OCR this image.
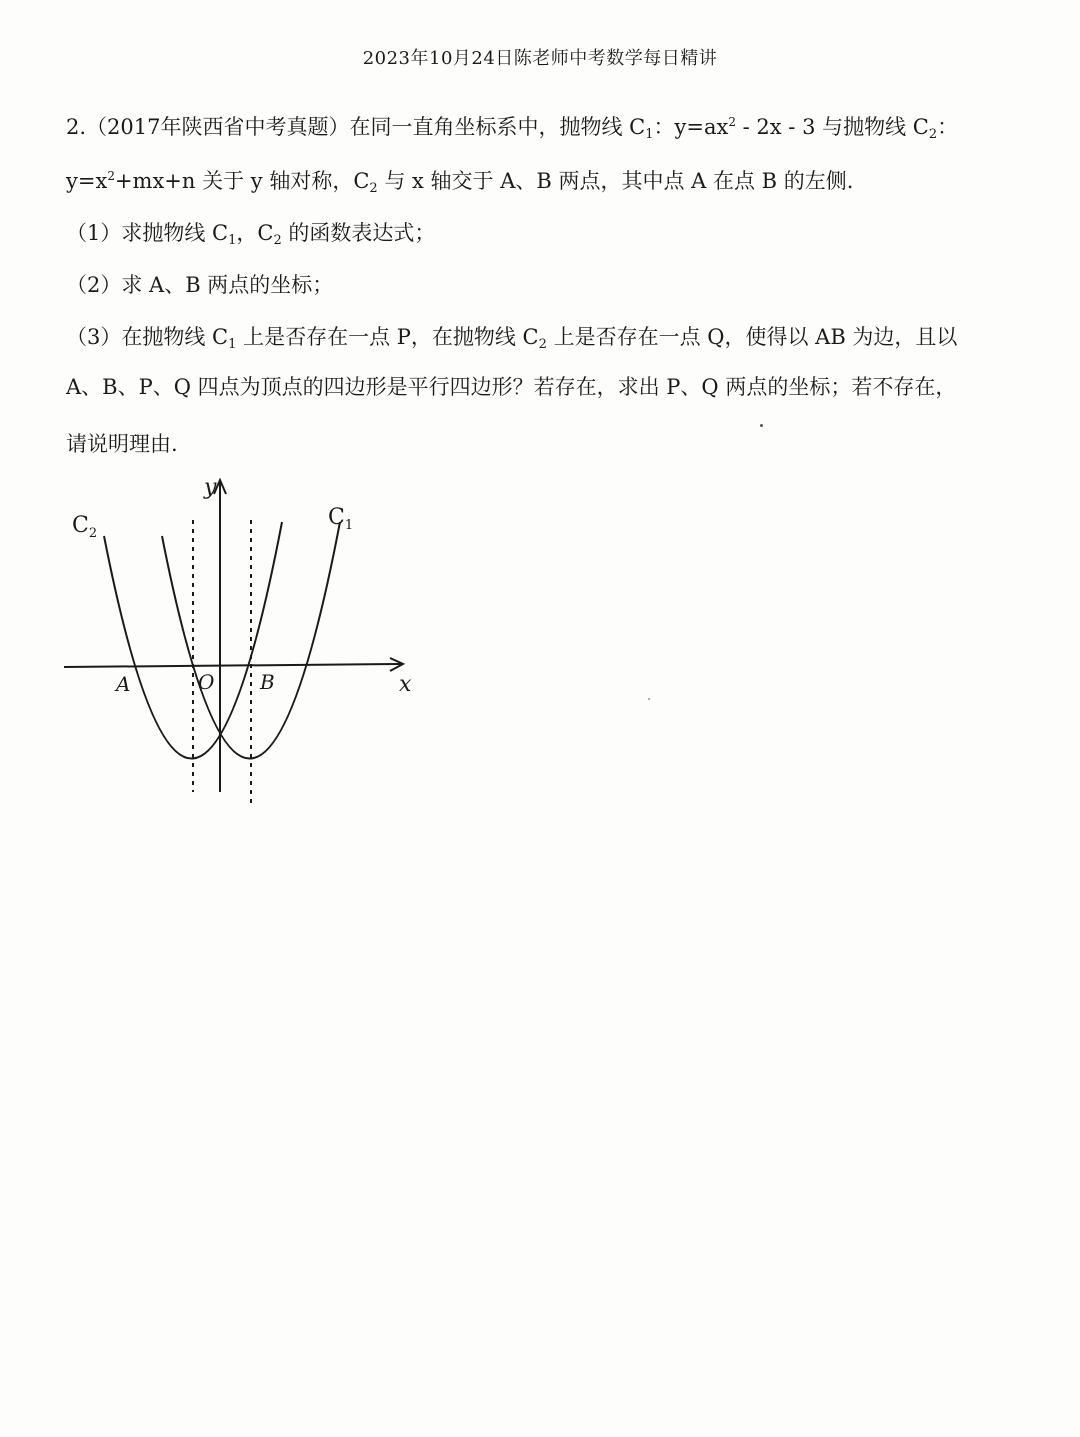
2023年10月24日陈老师中考数学每日精讲
2.（2017年陕西省中考真题）在同一直角坐标系中，抛物线 $C_1$：$y=ax^2 - 2x - 3$ 与抛物线 $C_2$：
$y=x^2+mx+n$ 关于 y 轴对称，$C_2$ 与 x 轴交于 A、B 两点，其中点 A 在点 B 的左侧.
（1）求抛物线 $C_1$，$C_2$ 的函数表达式；
（2）求 A、B 两点的坐标；
（3）在抛物线 $C_1$ 上是否存在一点 P，在抛物线 $C_2$ 上是否存在一点 Q，使得以 AB 为边，且以
A、B、P、Q 四点为顶点的四边形是平行四边形？若存在，求出 P、Q 两点的坐标；若不存在，
请说明理由.
y
x
A	O B
$C_2$
$C_1$
